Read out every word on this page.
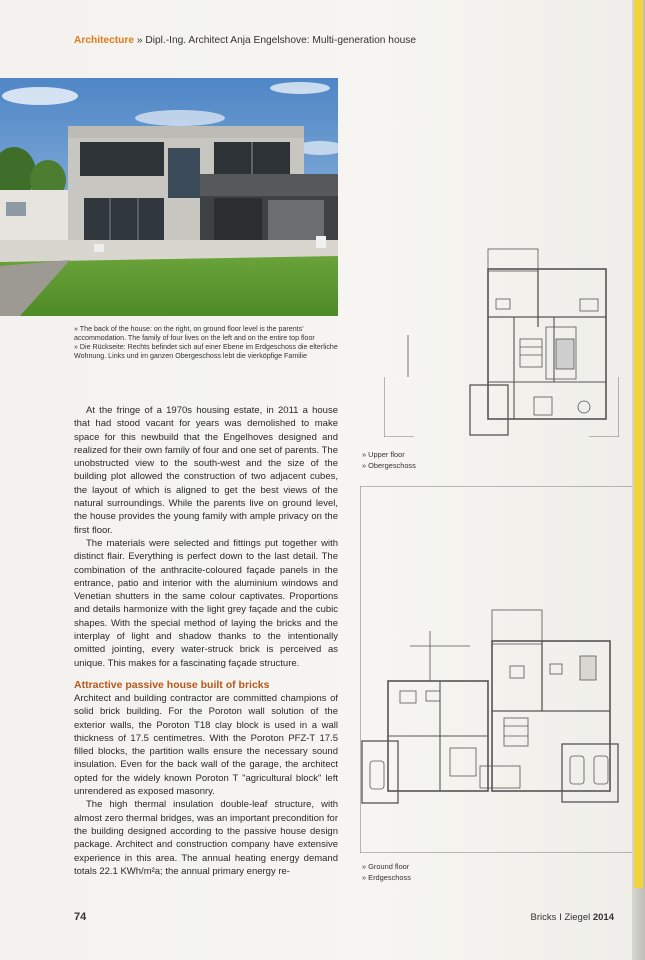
Architecture » Dipl.-Ing. Architect Anja Engelshove: Multi-generation house

» The back of the house: on the right, on ground floor level is the parents' accommodation. The family of four lives on the left and on the entire top floor

» Die Rückseite: Rechts befindet sich auf einer Ebene im Erdgeschoss die elterliche Wohnung. Links und im ganzen Obergeschoss lebt die vierköpfige Familie

At the fringe of a 1970s housing estate, in 2011 a house that had stood vacant for years was demolished to make space for this newbuild that the Engelhoves designed and realized for their own family of four and one set of parents. The unobstructed view to the south-west and the size of the building plot allowed the construction of two adjacent cubes, the layout of which is aligned to get the best views of the natural surroundings. While the parents live on ground level, the house provides the young family with ample privacy on the first floor.

The materials were selected and fittings put together with distinct flair. Everything is perfect down to the last detail. The combination of the anthracite-coloured façade panels in the entrance, patio and interior with the aluminium windows and Venetian shutters in the same colour captivates. Proportions and details harmonize with the light grey façade and the cubic shapes. With the special method of laying the bricks and the interplay of light and shadow thanks to the intentionally omitted jointing, every water-struck brick is perceived as unique. This makes for a fascinating façade structure.

Attractive passive house built of bricks

Architect and building contractor are committed champions of solid brick building. For the Poroton wall solution of the exterior walls, the Poroton T18 clay block is used in a wall thickness of 17.5 centimetres. With the Poroton PFZ-T 17.5 filled blocks, the partition walls ensure the necessary sound insulation. Even for the back wall of the garage, the architect opted for the widely known Poroton T "agricultural block" left unrendered as exposed masonry.

The high thermal insulation double-leaf structure, with almost zero thermal bridges, was an important precondition for the building designed according to the passive house design package. Architect and construction company have extensive experience in this area. The annual heating energy demand totals 22.1 KWh/m²a; the annual primary energy re-

» Upper floor
» Obergeschoss
» Ground floor
» Erdgeschoss
74	Bricks I Ziegel 2014
